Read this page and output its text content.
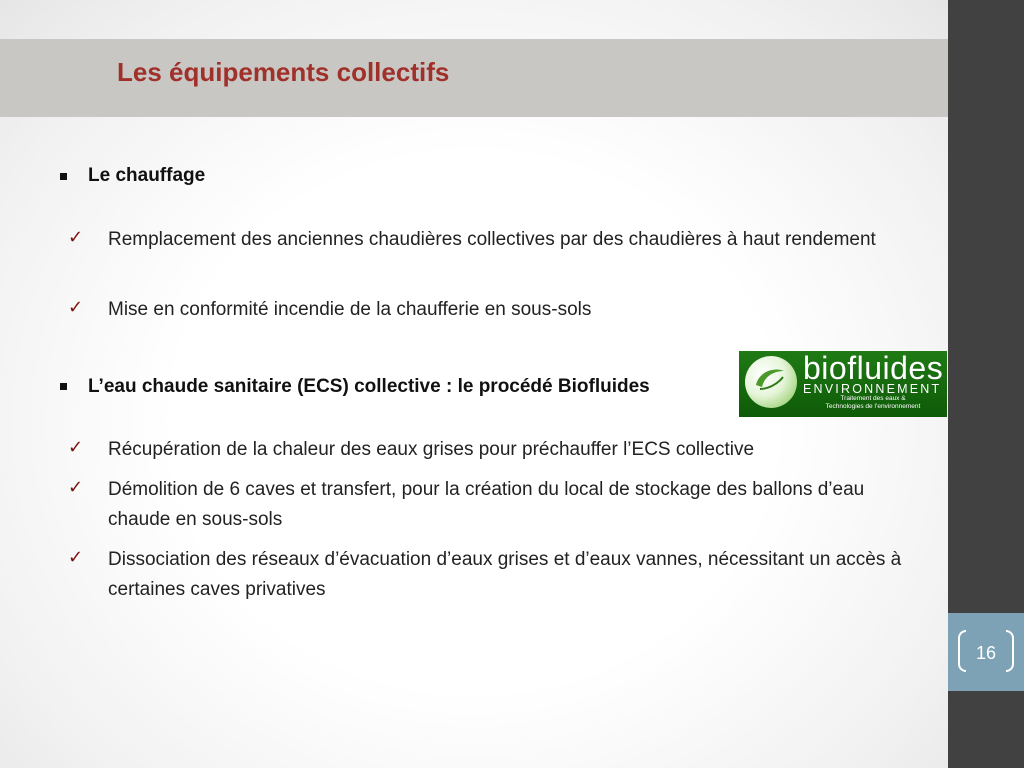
Les équipements collectifs
Le chauffage
✓ Remplacement des anciennes chaudières collectives par des chaudières à haut rendement
✓ Mise en conformité incendie de la chaufferie en sous-sols
L’eau chaude sanitaire (ECS) collective : le procédé Biofluides
✓ Récupération de la chaleur des eaux grises pour préchauffer l’ECS collective
✓ Démolition de 6 caves et transfert, pour la création du local de stockage des ballons d’eau chaude en sous-sols
✓ Dissociation des réseaux d’évacuation d’eaux grises et d’eaux vannes, nécessitant un accès à certaines caves privatives
biofluides
ENVIRONNEMENT
Traitement des eaux &
Technologies de l’environnement
16
